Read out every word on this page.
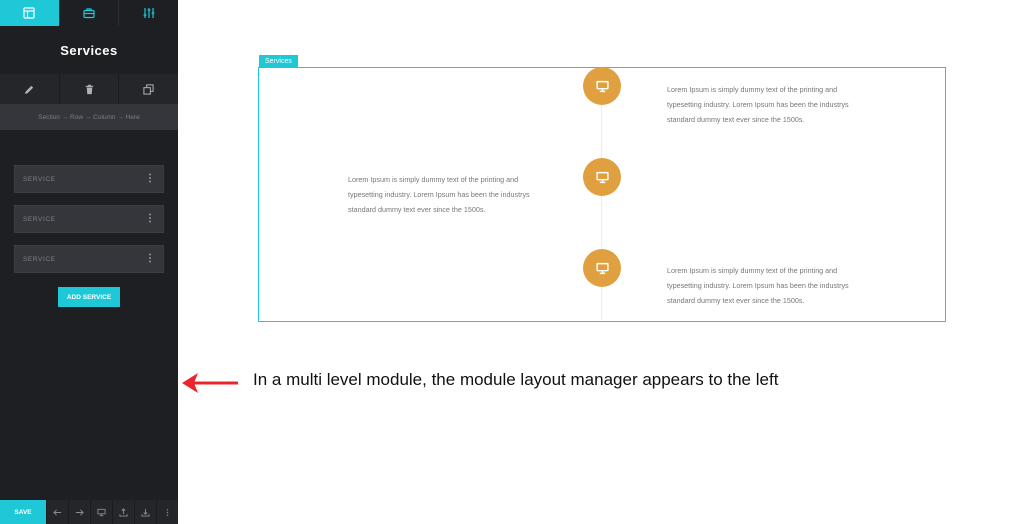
Services
Section → Row → Column → Here
SERVICE	⋮
SERVICE	⋮
SERVICE	⋮
ADD SERVICE
SAVE
Services
Lorem Ipsum is simply dummy text of the printing and typesetting industry. Lorem Ipsum has been the industrys standard dummy text ever since the 1500s.
Lorem Ipsum is simply dummy text of the printing and typesetting industry. Lorem Ipsum has been the industrys standard dummy text ever since the 1500s.
Lorem Ipsum is simply dummy text of the printing and typesetting industry. Lorem Ipsum has been the industrys standard dummy text ever since the 1500s.
In a multi level module, the module layout manager appears to the left
